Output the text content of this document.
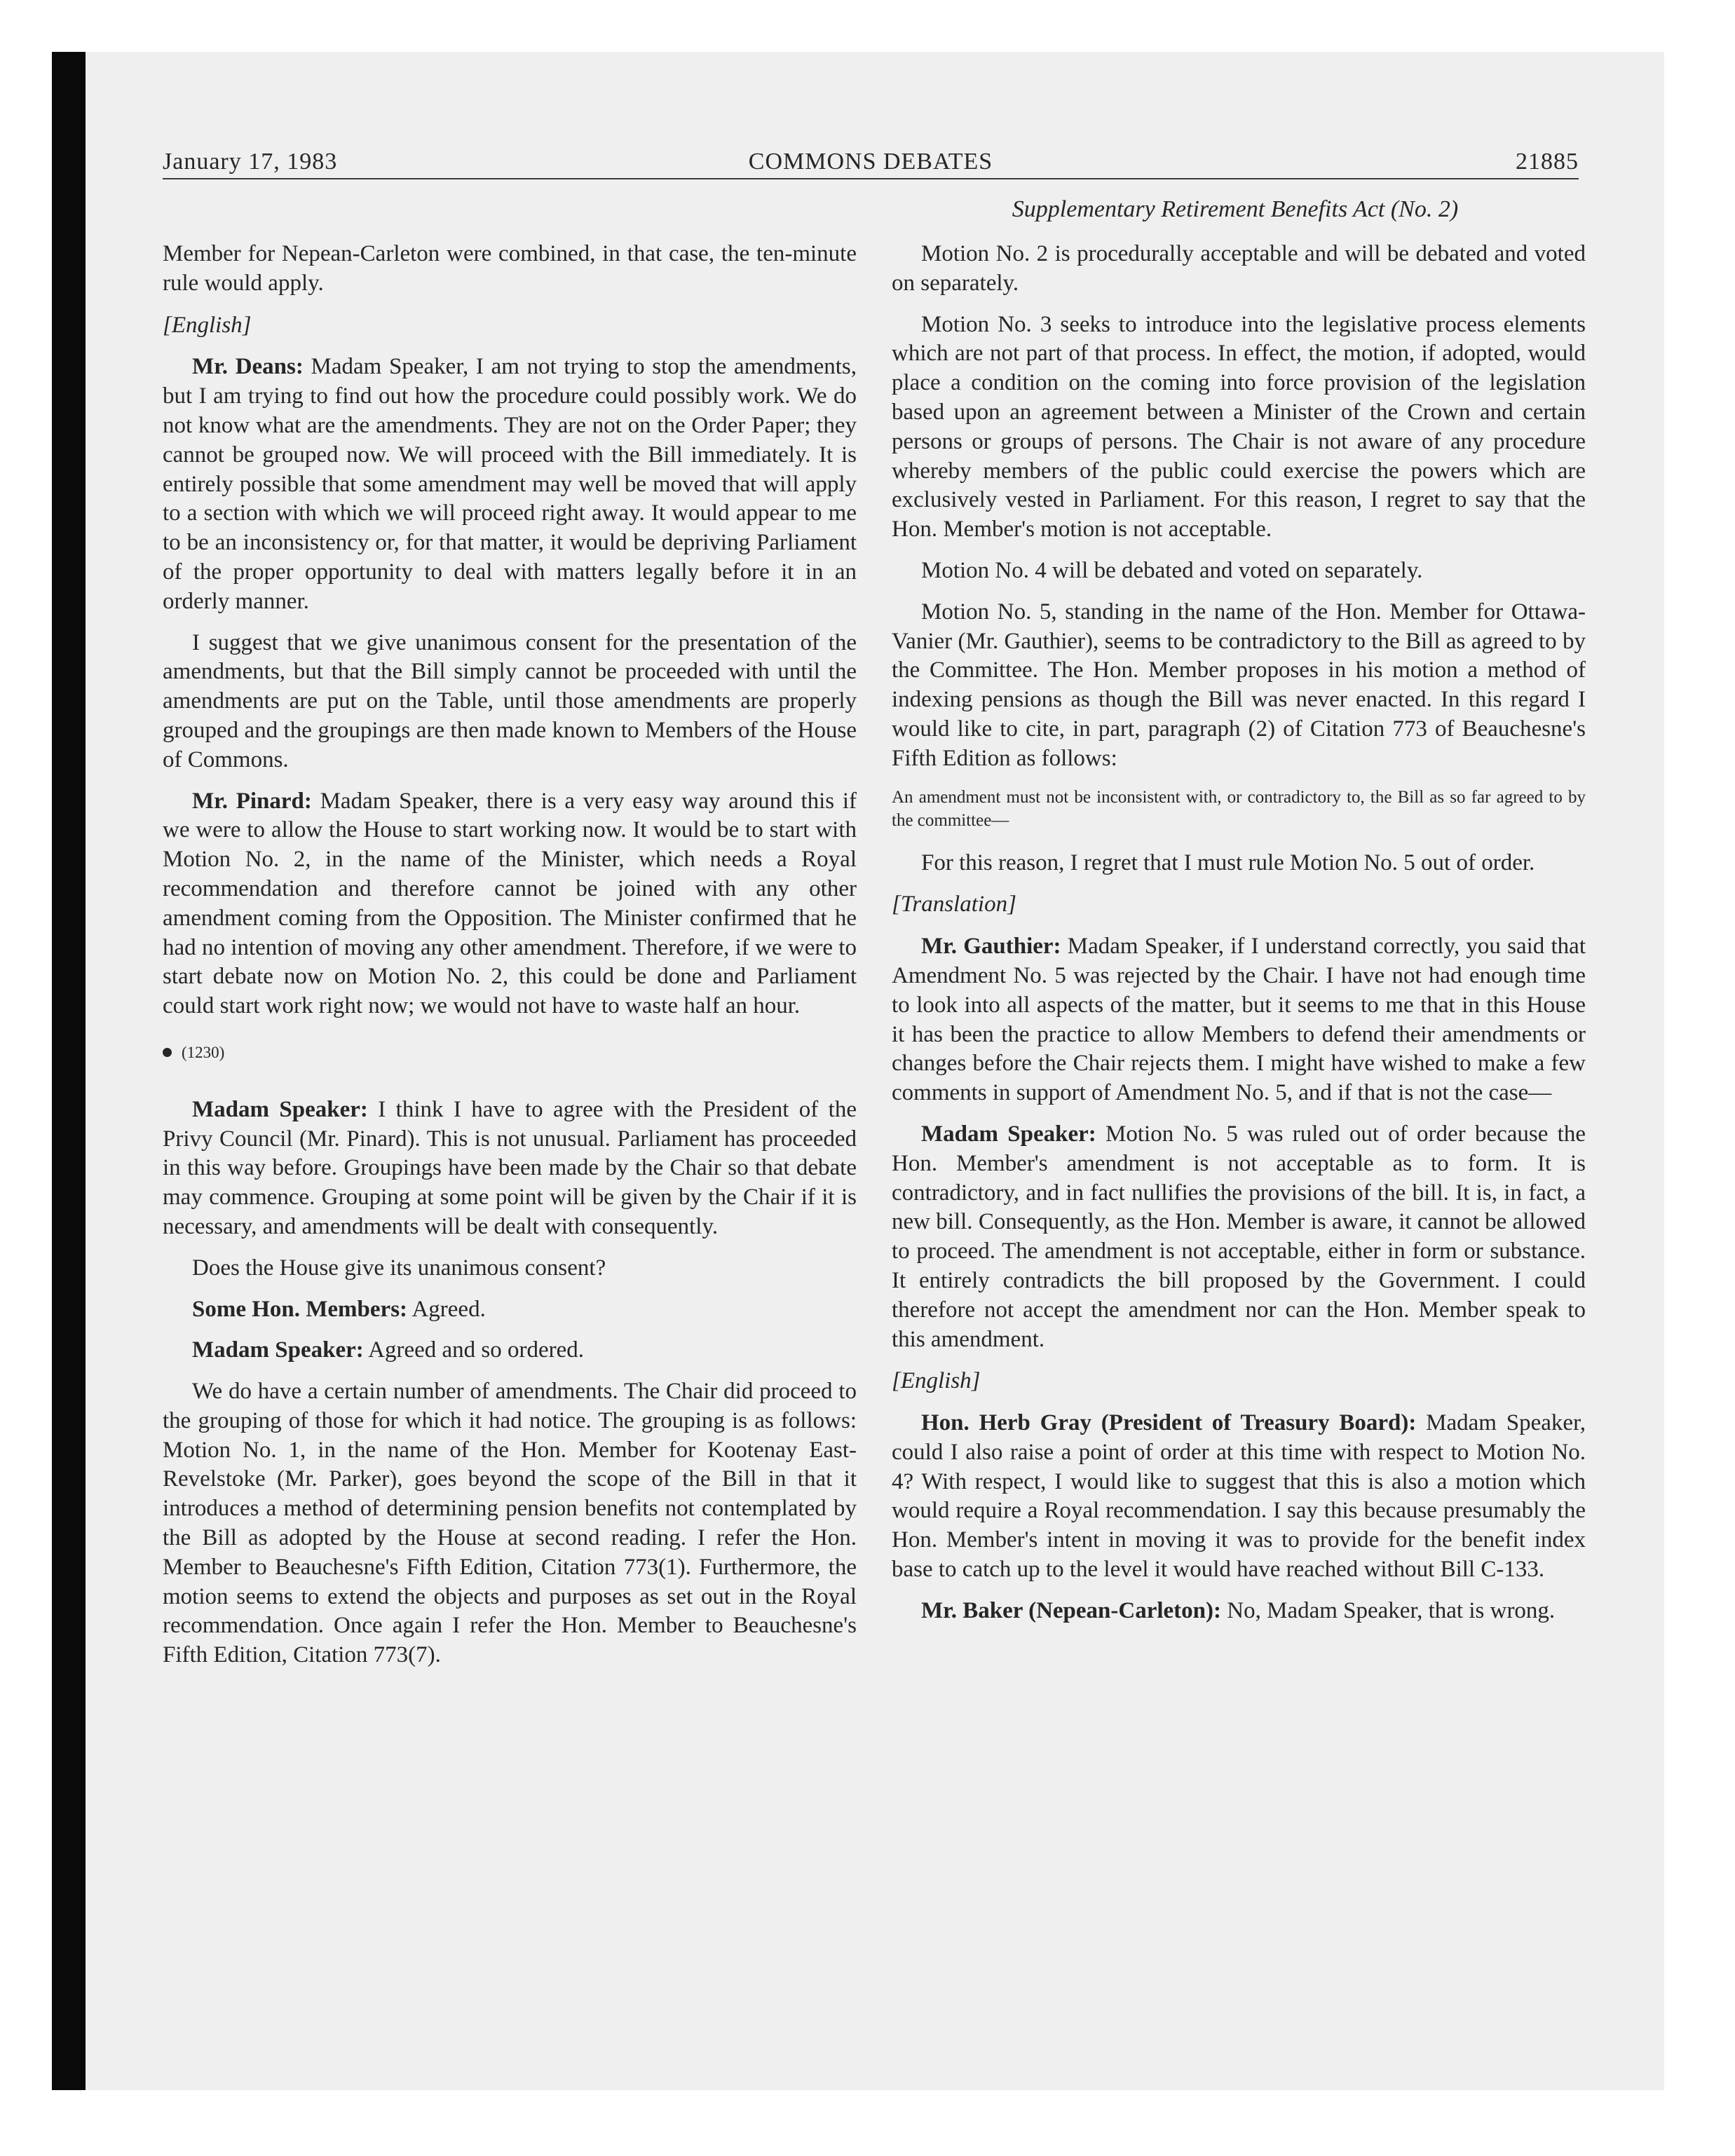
January 17, 1983	COMMONS DEBATES	21885
Supplementary Retirement Benefits Act (No. 2)

Member for Nepean-Carleton were combined, in that case, the ten-minute rule would apply.

[English]

Mr. Deans: Madam Speaker, I am not trying to stop the amendments, but I am trying to find out how the procedure could possibly work. We do not know what are the amendments. They are not on the Order Paper; they cannot be grouped now. We will proceed with the Bill immediately. It is entirely possible that some amendment may well be moved that will apply to a section with which we will proceed right away. It would appear to me to be an inconsistency or, for that matter, it would be depriving Parliament of the proper opportunity to deal with matters legally before it in an orderly manner.

I suggest that we give unanimous consent for the presentation of the amendments, but that the Bill simply cannot be proceeded with until the amendments are put on the Table, until those amendments are properly grouped and the groupings are then made known to Members of the House of Commons.

Mr. Pinard: Madam Speaker, there is a very easy way around this if we were to allow the House to start working now. It would be to start with Motion No. 2, in the name of the Minister, which needs a Royal recommendation and therefore cannot be joined with any other amendment coming from the Opposition. The Minister confirmed that he had no intention of moving any other amendment. Therefore, if we were to start debate now on Motion No. 2, this could be done and Parliament could start work right now; we would not have to waste half an hour.

(1230)

Madam Speaker: I think I have to agree with the President of the Privy Council (Mr. Pinard). This is not unusual. Parliament has proceeded in this way before. Groupings have been made by the Chair so that debate may commence. Grouping at some point will be given by the Chair if it is necessary, and amendments will be dealt with consequently.

Does the House give its unanimous consent?

Some Hon. Members: Agreed.

Madam Speaker: Agreed and so ordered.

We do have a certain number of amendments. The Chair did proceed to the grouping of those for which it had notice. The grouping is as follows: Motion No. 1, in the name of the Hon. Member for Kootenay East-Revelstoke (Mr. Parker), goes beyond the scope of the Bill in that it introduces a method of determining pension benefits not contemplated by the Bill as adopted by the House at second reading. I refer the Hon. Member to Beauchesne's Fifth Edition, Citation 773(1). Furthermore, the motion seems to extend the objects and purposes as set out in the Royal recommendation. Once again I refer the Hon. Member to Beauchesne's Fifth Edition, Citation 773(7).

Motion No. 2 is procedurally acceptable and will be debated and voted on separately.

Motion No. 3 seeks to introduce into the legislative process elements which are not part of that process. In effect, the motion, if adopted, would place a condition on the coming into force provision of the legislation based upon an agreement between a Minister of the Crown and certain persons or groups of persons. The Chair is not aware of any procedure whereby members of the public could exercise the powers which are exclusively vested in Parliament. For this reason, I regret to say that the Hon. Member's motion is not acceptable.

Motion No. 4 will be debated and voted on separately.

Motion No. 5, standing in the name of the Hon. Member for Ottawa-Vanier (Mr. Gauthier), seems to be contradictory to the Bill as agreed to by the Committee. The Hon. Member proposes in his motion a method of indexing pensions as though the Bill was never enacted. In this regard I would like to cite, in part, paragraph (2) of Citation 773 of Beauchesne's Fifth Edition as follows:

An amendment must not be inconsistent with, or contradictory to, the Bill as so far agreed to by the committee—

For this reason, I regret that I must rule Motion No. 5 out of order.

[Translation]

Mr. Gauthier: Madam Speaker, if I understand correctly, you said that Amendment No. 5 was rejected by the Chair. I have not had enough time to look into all aspects of the matter, but it seems to me that in this House it has been the practice to allow Members to defend their amendments or changes before the Chair rejects them. I might have wished to make a few comments in support of Amendment No. 5, and if that is not the case—

Madam Speaker: Motion No. 5 was ruled out of order because the Hon. Member's amendment is not acceptable as to form. It is contradictory, and in fact nullifies the provisions of the bill. It is, in fact, a new bill. Consequently, as the Hon. Member is aware, it cannot be allowed to proceed. The amendment is not acceptable, either in form or substance. It entirely contradicts the bill proposed by the Government. I could therefore not accept the amendment nor can the Hon. Member speak to this amendment.

[English]

Hon. Herb Gray (President of Treasury Board): Madam Speaker, could I also raise a point of order at this time with respect to Motion No. 4? With respect, I would like to suggest that this is also a motion which would require a Royal recommendation. I say this because presumably the Hon. Member's intent in moving it was to provide for the benefit index base to catch up to the level it would have reached without Bill C-133.

Mr. Baker (Nepean-Carleton): No, Madam Speaker, that is wrong.
